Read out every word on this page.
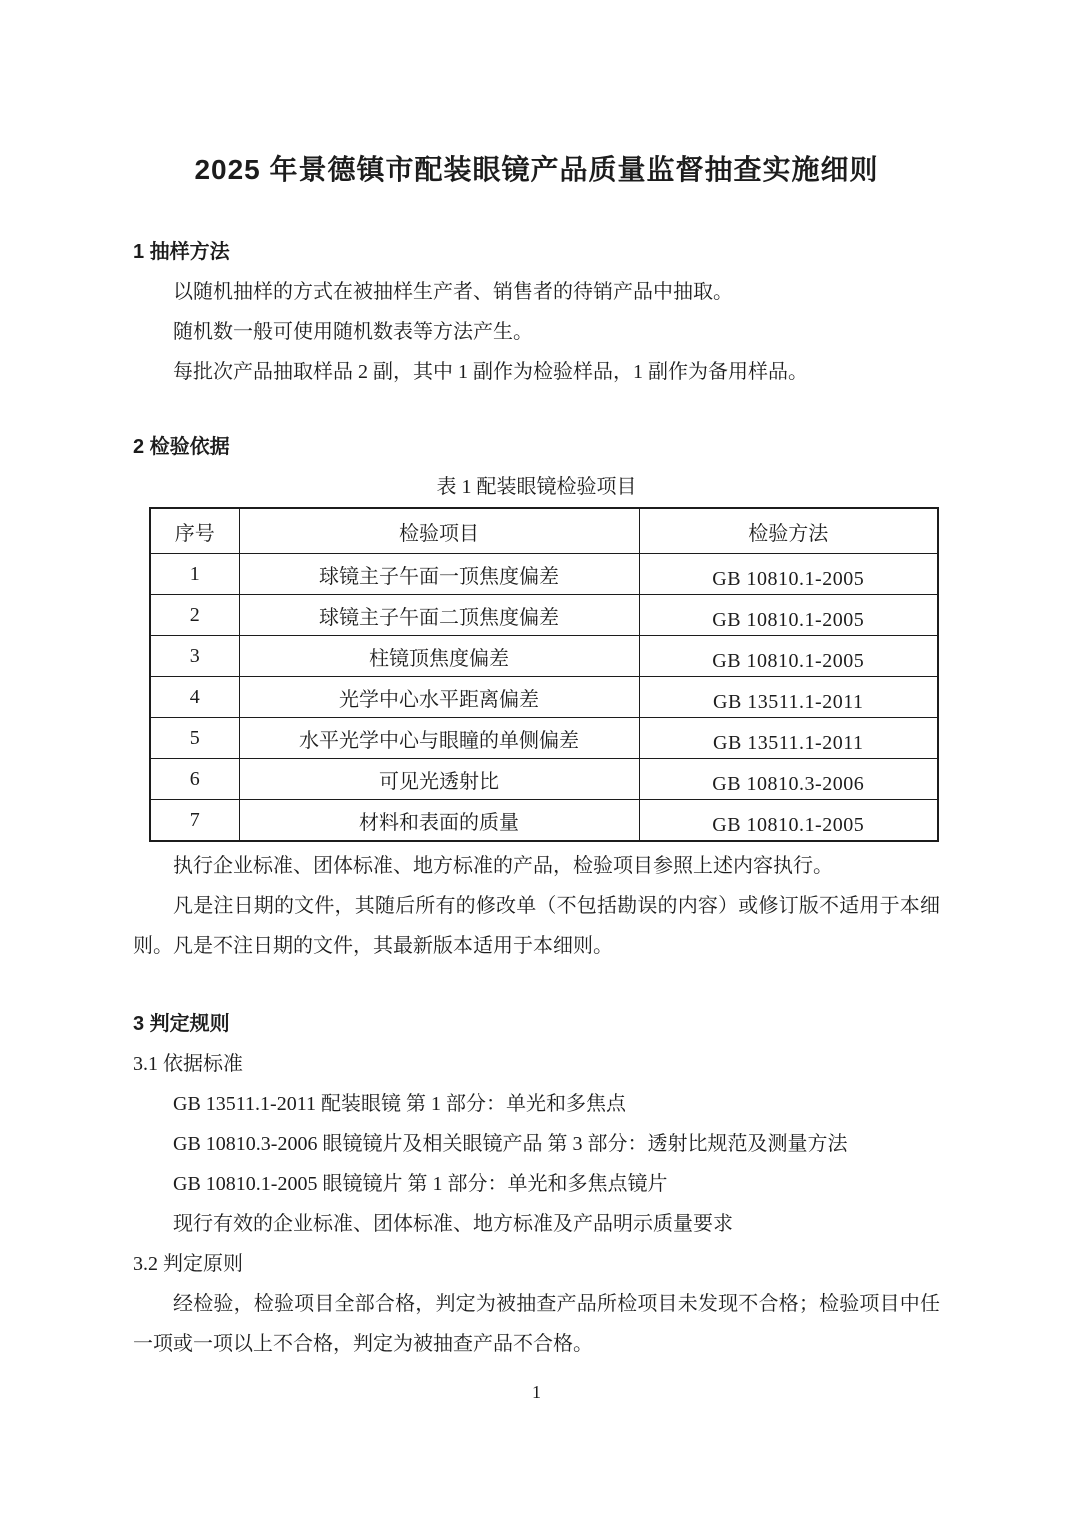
2025 年景德镇市配装眼镜产品质量监督抽查实施细则
1 抽样方法

以随机抽样的方式在被抽样生产者、销售者的待销产品中抽取。

随机数一般可使用随机数表等方法产生。

每批次产品抽取样品 2 副，其中 1 副作为检验样品，1 副作为备用样品。

2 检验依据

表 1 配装眼镜检验项目

序号	检验项目	检验方法
1	球镜主子午面一顶焦度偏差	GB 10810.1-2005
2	球镜主子午面二顶焦度偏差	GB 10810.1-2005
3	柱镜顶焦度偏差	GB 10810.1-2005
4	光学中心水平距离偏差	GB 13511.1-2011
5	水平光学中心与眼瞳的单侧偏差	GB 13511.1-2011
6	可见光透射比	GB 10810.3-2006
7	材料和表面的质量	GB 10810.1-2005

执行企业标准、团体标准、地方标准的产品，检验项目参照上述内容执行。

凡是注日期的文件，其随后所有的修改单（不包括勘误的内容）或修订版不适用于本细则。凡是不注日期的文件，其最新版本适用于本细则。

3 判定规则
3.1 依据标准

GB 13511.1-2011 配装眼镜 第 1 部分：单光和多焦点

GB 10810.3-2006 眼镜镜片及相关眼镜产品 第 3 部分：透射比规范及测量方法

GB 10810.1-2005 眼镜镜片 第 1 部分：单光和多焦点镜片

现行有效的企业标准、团体标准、地方标准及产品明示质量要求

3.2 判定原则

经检验，检验项目全部合格，判定为被抽查产品所检项目未发现不合格；检验项目中任一项或一项以上不合格，判定为被抽查产品不合格。

1
